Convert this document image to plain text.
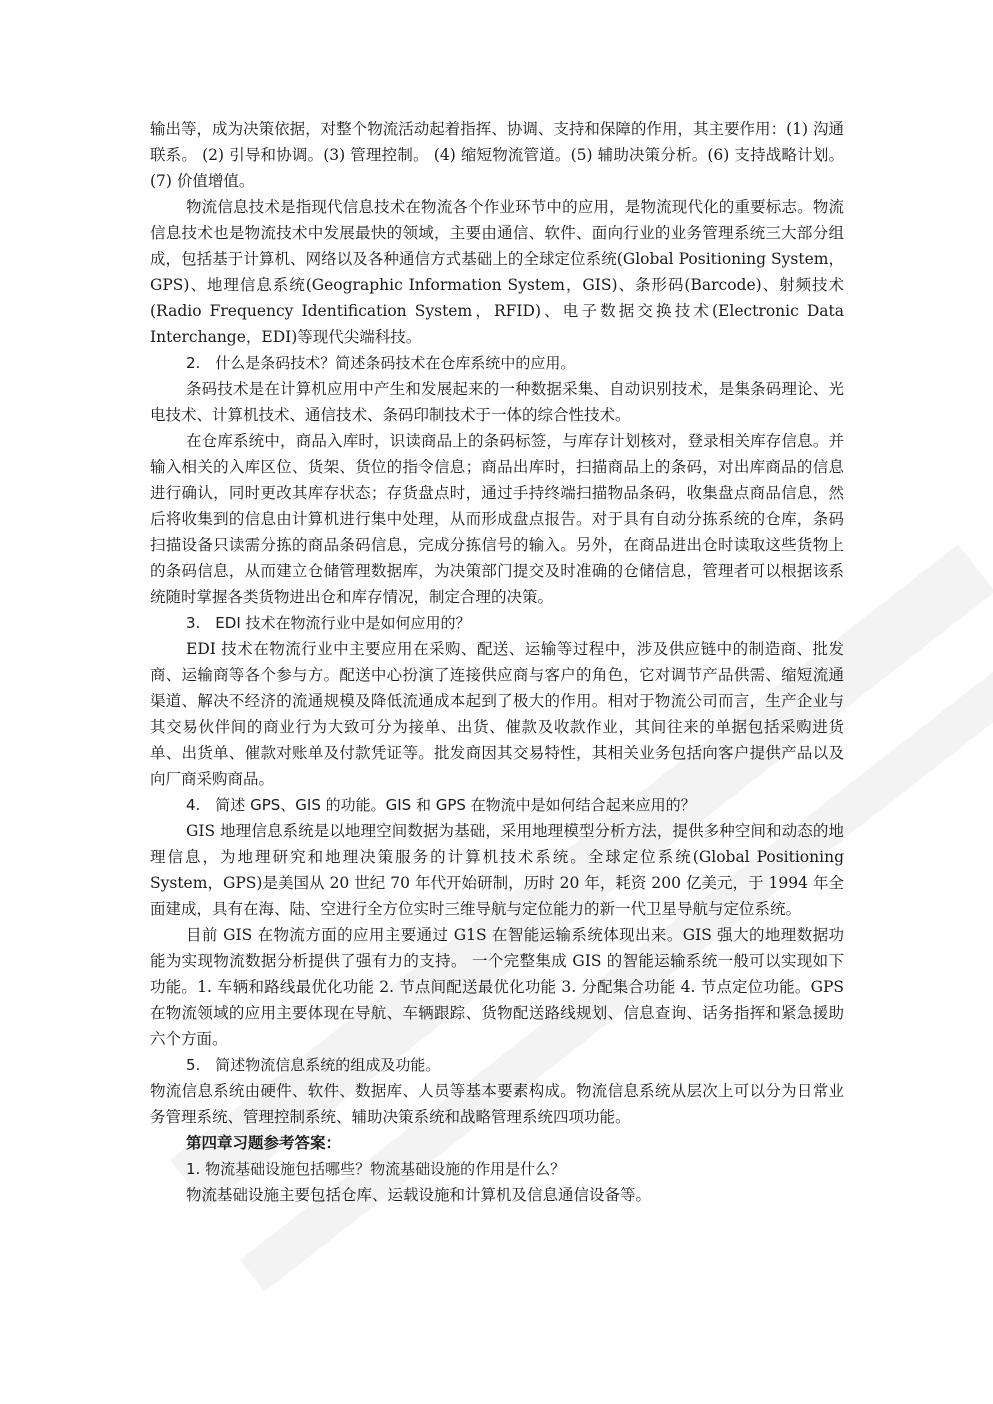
输出等，成为决策依据，对整个物流活动起着指挥、协调、支持和保障的作用，其主要作用：(1) 沟通联系。 (2) 引导和协调。(3) 管理控制。 (4) 缩短物流管道。(5) 辅助决策分析。(6) 支持战略计划。(7) 价值增值。

物流信息技术是指现代信息技术在物流各个作业环节中的应用，是物流现代化的重要标志。物流信息技术也是物流技术中发展最快的领域，主要由通信、软件、面向行业的业务管理系统三大部分组成，包括基于计算机、网络以及各种通信方式基础上的全球定位系统(Global Positioning System，GPS)、地理信息系统(Geographic Information System，GIS)、条形码(Barcode)、射频技术(Radio Frequency Identification System，RFID)、电子数据交换技术(Electronic Data Interchange，EDI)等现代尖端科技。

2.　什么是条码技术？简述条码技术在仓库系统中的应用。

条码技术是在计算机应用中产生和发展起来的一种数据采集、自动识别技术，是集条码理论、光电技术、计算机技术、通信技术、条码印制技术于一体的综合性技术。

在仓库系统中，商品入库时，识读商品上的条码标签，与库存计划核对，登录相关库存信息。并输入相关的入库区位、货架、货位的指令信息；商品出库时，扫描商品上的条码，对出库商品的信息进行确认，同时更改其库存状态；存货盘点时，通过手持终端扫描物品条码，收集盘点商品信息，然后将收集到的信息由计算机进行集中处理，从而形成盘点报告。对于具有自动分拣系统的仓库，条码扫描设备只读需分拣的商品条码信息，完成分拣信号的输入。另外，在商品进出仓时读取这些货物上的条码信息，从而建立仓储管理数据库，为决策部门提交及时准确的仓储信息，管理者可以根据该系统随时掌握各类货物进出仓和库存情况，制定合理的决策。

3.　EDI 技术在物流行业中是如何应用的？

EDI 技术在物流行业中主要应用在采购、配送、运输等过程中，涉及供应链中的制造商、批发商、运输商等各个参与方。配送中心扮演了连接供应商与客户的角色，它对调节产品供需、缩短流通渠道、解决不经济的流通规模及降低流通成本起到了极大的作用。相对于物流公司而言，生产企业与其交易伙伴间的商业行为大致可分为接单、出货、催款及收款作业，其间往来的单据包括采购进货单、出货单、催款对账单及付款凭证等。批发商因其交易特性，其相关业务包括向客户提供产品以及向厂商采购商品。

4.　简述 GPS、GIS 的功能。GIS 和 GPS 在物流中是如何结合起来应用的？

GIS 地理信息系统是以地理空间数据为基础，采用地理模型分析方法，提供多种空间和动态的地理信息，为地理研究和地理决策服务的计算机技术系统。全球定位系统(Global Positioning System，GPS)是美国从 20 世纪 70 年代开始研制，历时 20 年，耗资 200 亿美元，于 1994 年全面建成，具有在海、陆、空进行全方位实时三维导航与定位能力的新一代卫星导航与定位系统。

目前 GIS 在物流方面的应用主要通过 G1S 在智能运输系统体现出来。GIS 强大的地理数据功能为实现物流数据分析提供了强有力的支持。 一个完整集成 GIS 的智能运输系统一般可以实现如下功能。1. 车辆和路线最优化功能 2. 节点间配送最优化功能 3. 分配集合功能 4. 节点定位功能。GPS 在物流领域的应用主要体现在导航、车辆跟踪、货物配送路线规划、信息查询、话务指挥和紧急援助六个方面。

5.　简述物流信息系统的组成及功能。

物流信息系统由硬件、软件、数据库、人员等基本要素构成。物流信息系统从层次上可以分为日常业务管理系统、管理控制系统、辅助决策系统和战略管理系统四项功能。

第四章习题参考答案：

1. 物流基础设施包括哪些？物流基础设施的作用是什么？

物流基础设施主要包括仓库、运载设施和计算机及信息通信设备等。
